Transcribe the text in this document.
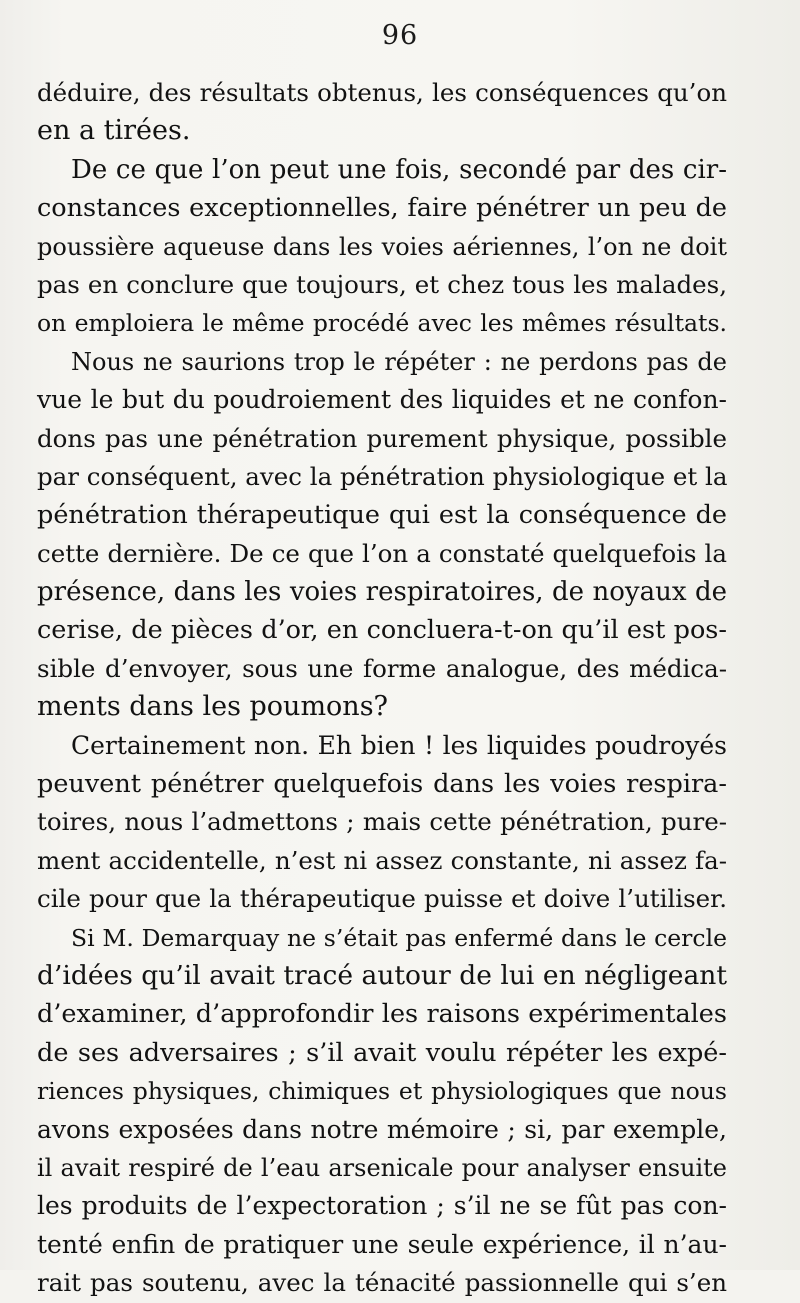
96
déduire, des résultats obtenus, les conséquences qu’on
en a tirées.
De ce que l’on peut une fois, secondé par des cir-
constances exceptionnelles, faire pénétrer un peu de
poussière aqueuse dans les voies aériennes, l’on ne doit
pas en conclure que toujours, et chez tous les malades,
on emploiera le même procédé avec les mêmes résultats.
Nous ne saurions trop le répéter : ne perdons pas de
vue le but du poudroiement des liquides et ne confon-
dons pas une pénétration purement physique, possible
par conséquent, avec la pénétration physiologique et la
pénétration thérapeutique qui est la conséquence de
cette dernière. De ce que l’on a constaté quelquefois la
présence, dans les voies respiratoires, de noyaux de
cerise, de pièces d’or, en concluera-t-on qu’il est pos-
sible d’envoyer, sous une forme analogue, des médica-
ments dans les poumons?
Certainement non. Eh bien ! les liquides poudroyés
peuvent pénétrer quelquefois dans les voies respira-
toires, nous l’admettons ; mais cette pénétration, pure-
ment accidentelle, n’est ni assez constante, ni assez fa-
cile pour que la thérapeutique puisse et doive l’utiliser.
Si M. Demarquay ne s’était pas enfermé dans le cercle
d’idées qu’il avait tracé autour de lui en négligeant
d’examiner, d’approfondir les raisons expérimentales
de ses adversaires ; s’il avait voulu répéter les expé-
riences physiques, chimiques et physiologiques que nous
avons exposées dans notre mémoire ; si, par exemple,
il avait respiré de l’eau arsenicale pour analyser ensuite
les produits de l’expectoration ; s’il ne se fût pas con-
tenté enfin de pratiquer une seule expérience, il n’au-
rait pas soutenu, avec la ténacité passionnelle qui s’en
